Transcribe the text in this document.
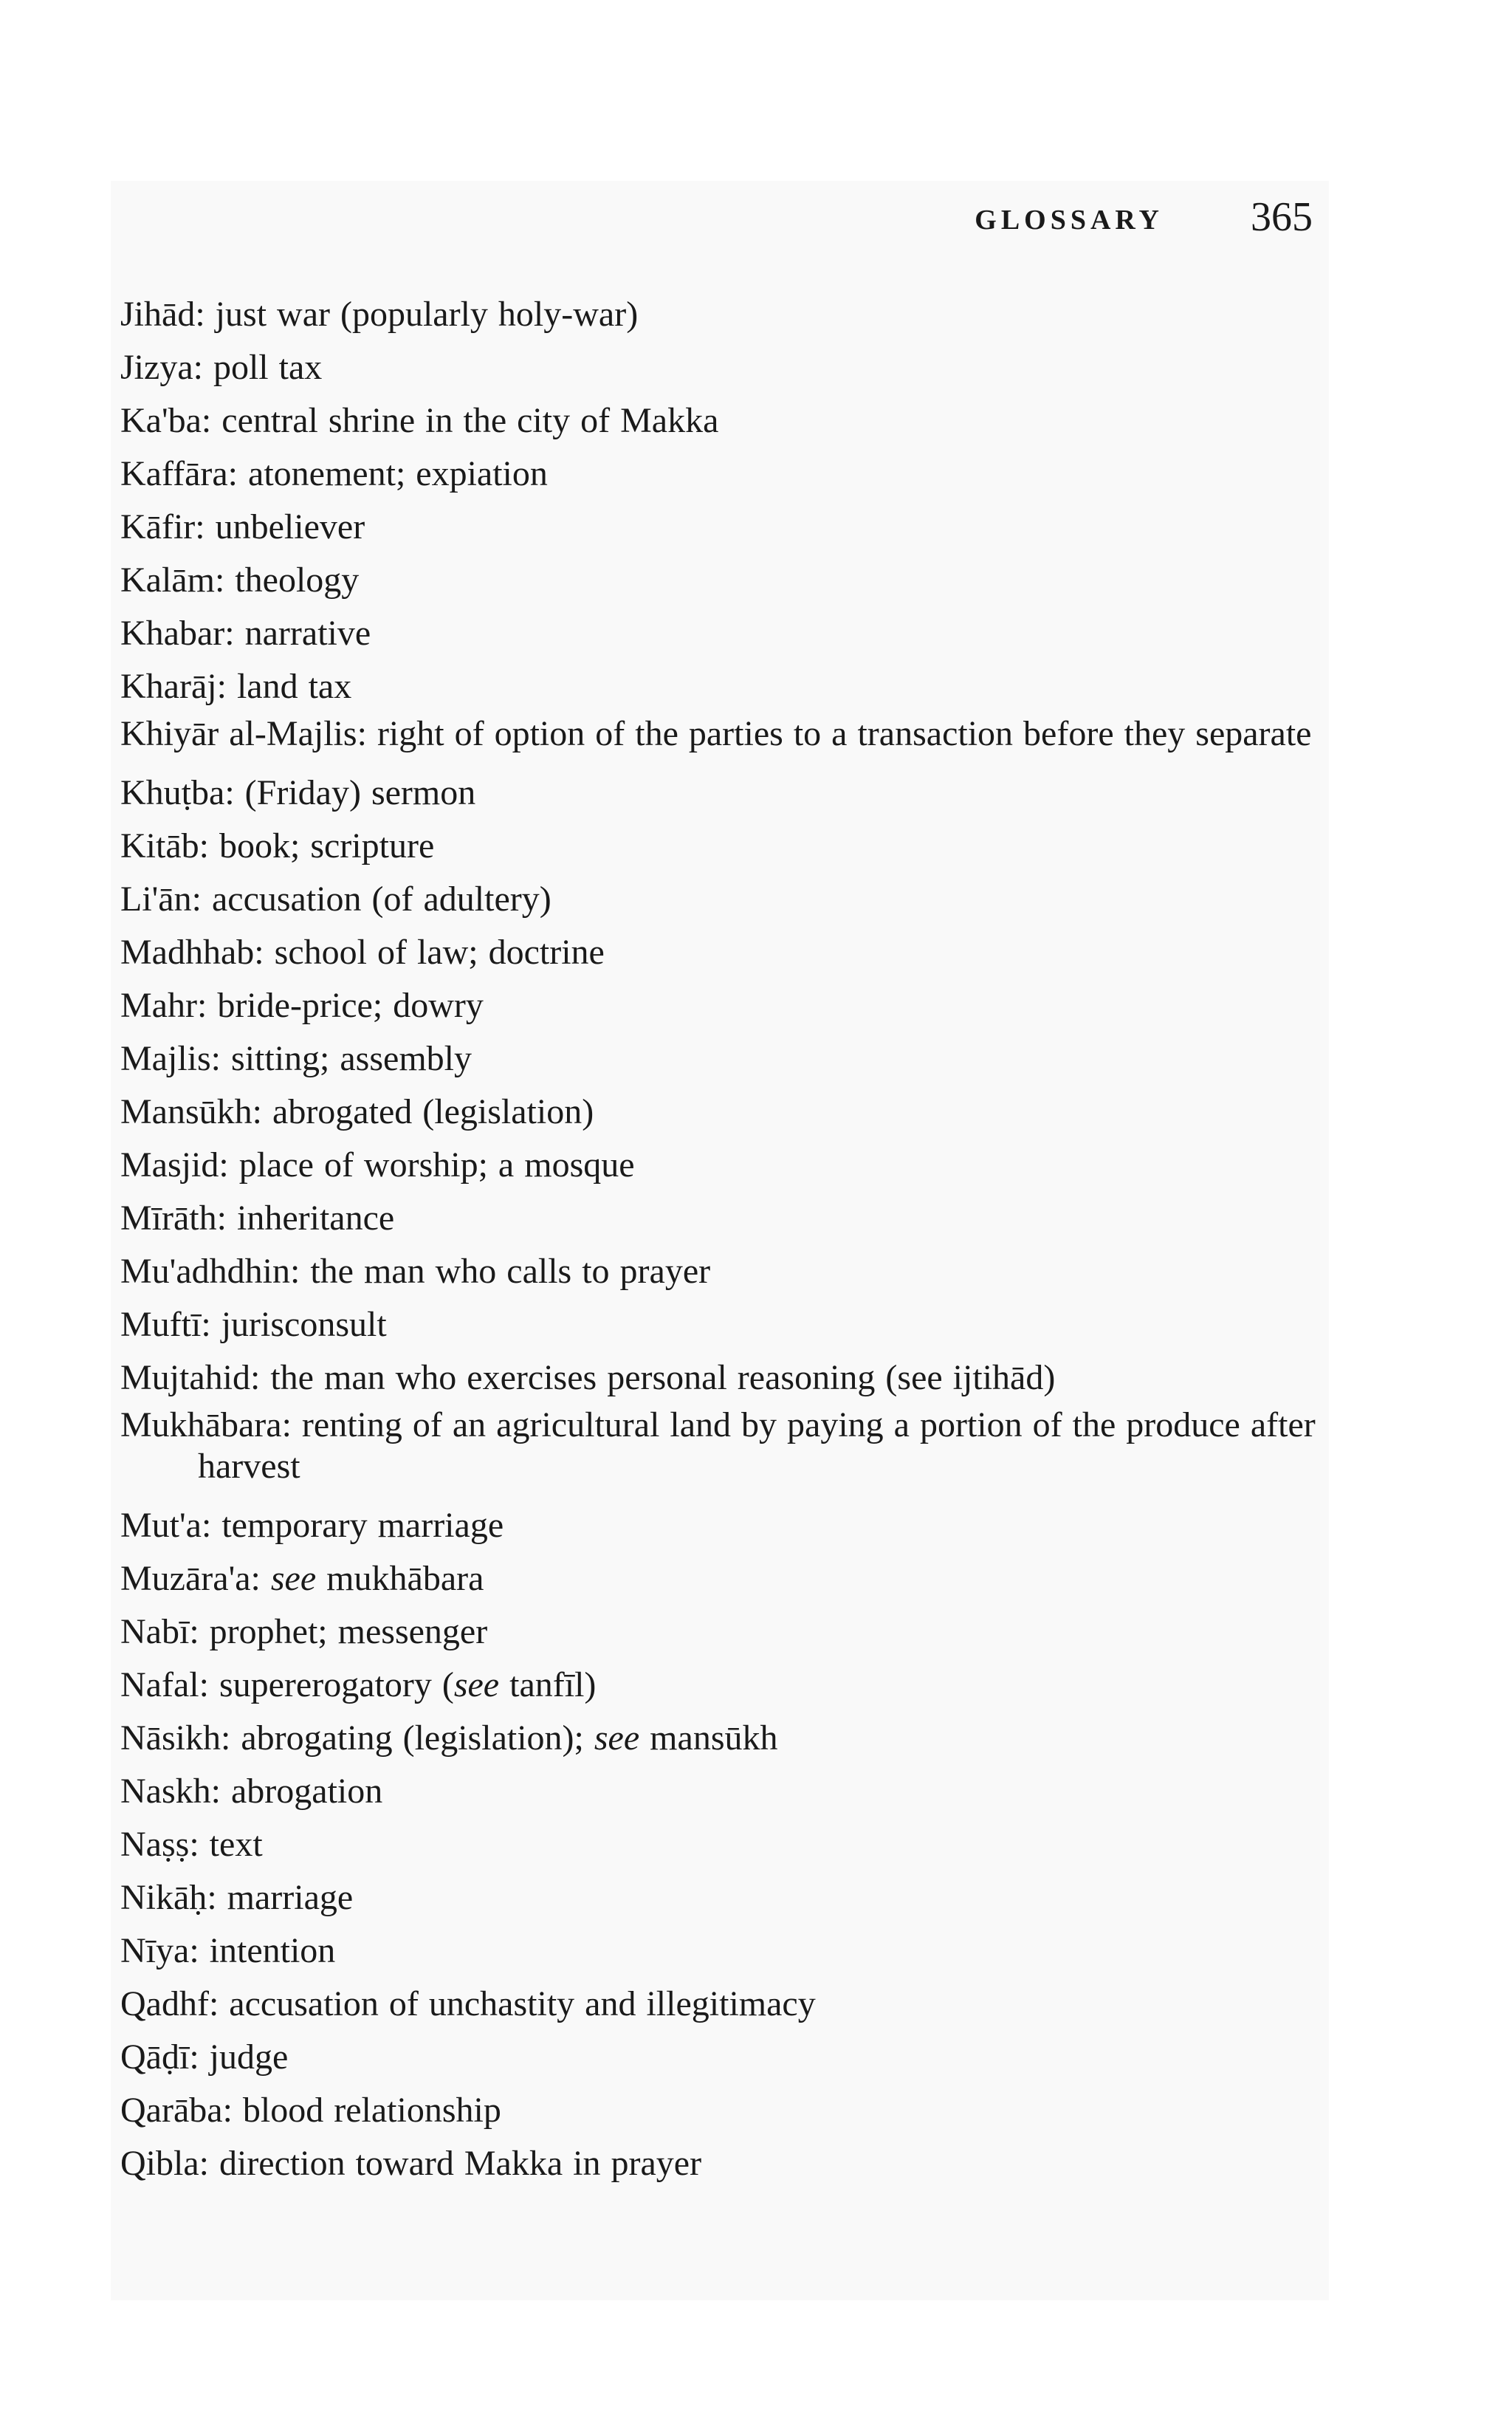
GLOSSARY 365
Jihād: just war (popularly holy-war)
Jizya: poll tax
Ka'ba: central shrine in the city of Makka
Kaffāra: atonement; expiation
Kāfir: unbeliever
Kalām: theology
Khabar: narrative
Kharāj: land tax
Khiyār al-Majlis: right of option of the parties to a transaction before they separate
Khuṭba: (Friday) sermon
Kitāb: book; scripture
Li'ān: accusation (of adultery)
Madhhab: school of law; doctrine
Mahr: bride-price; dowry
Majlis: sitting; assembly
Mansūkh: abrogated (legislation)
Masjid: place of worship; a mosque
Mīrāth: inheritance
Mu'adhdhin: the man who calls to prayer
Muftī: jurisconsult
Mujtahid: the man who exercises personal reasoning (see ijtihād)
Mukhābara: renting of an agricultural land by paying a portion of the produce after harvest
Mut'a: temporary marriage
Muzāra'a: see mukhābara
Nabī: prophet; messenger
Nafal: supererogatory (see tanfīl)
Nāsikh: abrogating (legislation); see mansūkh
Naskh: abrogation
Naṣṣ: text
Nikāḥ: marriage
Nīya: intention
Qadhf: accusation of unchastity and illegitimacy
Qāḍī: judge
Qarāba: blood relationship
Qibla: direction toward Makka in prayer
